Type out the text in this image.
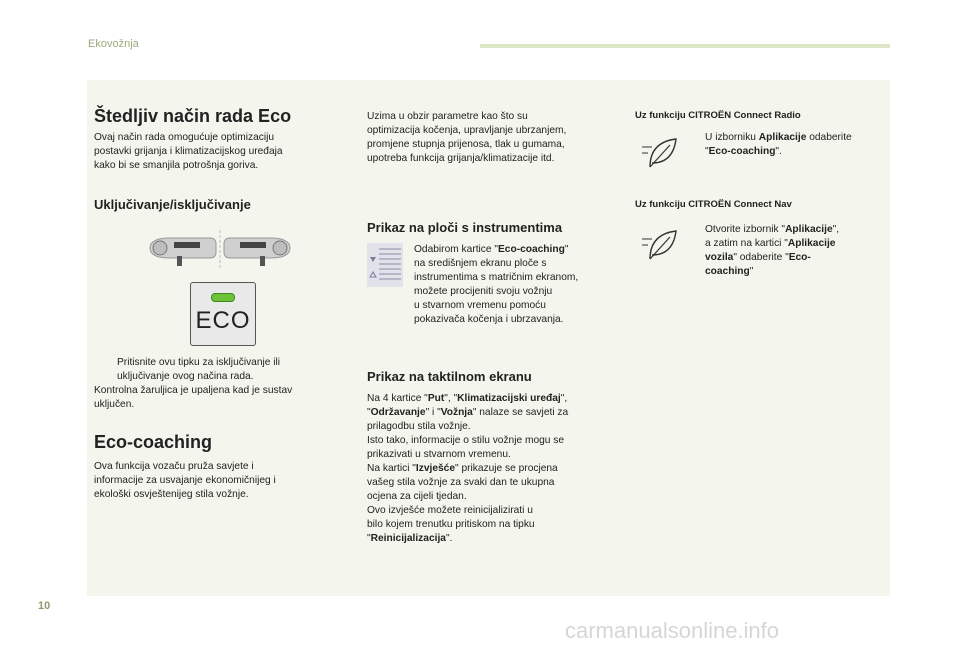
Ekovožnja
Štedljiv način rada Eco

Ovaj način rada omogućuje optimizaciju

postavki grijanja i klimatizacijskog uređaja

kako bi se smanjila potrošnja goriva.

Uključivanje/isključivanje
ECO

Pritisnite ovu tipku za isključivanje ili

uključivanje ovog načina rada.

Kontrolna žaruljica je upaljena kad je sustav

uključen.

Eco-coaching

Ova funkcija vozaču pruža savjete i

informacije za usvajanje ekonomičnijeg i

ekološki osvještenijeg stila vožnje.

Uzima u obzir parametre kao što su

optimizacija kočenja, upravljanje ubrzanjem,

promjene stupnja prijenosa, tlak u gumama,

upotreba funkcija grijanja/klimatizacije itd.

Prikaz na ploči s instrumentima

Odabirom kartice "Eco-coaching"

na središnjem ekranu ploče s

instrumentima s matričnim ekranom,

možete procijeniti svoju vožnju

u stvarnom vremenu pomoću

pokazivača kočenja i ubrzavanja.

Prikaz na taktilnom ekranu

Na 4 kartice "Put", "Klimatizacijski uređaj",

"Održavanje" i "Vožnja" nalaze se savjeti za

prilagodbu stila vožnje.

Isto tako, informacije o stilu vožnje mogu se

prikazivati u stvarnom vremenu.

Na kartici "Izvješće" prikazuje se procjena

vašeg stila vožnje za svaki dan te ukupna

ocjena za cijeli tjedan.

Ovo izvješće možete reinicijalizirati u

bilo kojem trenutku pritiskom na tipku

"Reinicijalizacija".

Uz funkciju CITROËN Connect Radio

U izborniku Aplikacije odaberite

"Eco-coaching".

Uz funkciju CITROËN Connect Nav

Otvorite izbornik "Aplikacije",

a zatim na kartici "Aplikacije

vozila" odaberite "Eco-

coaching"

10
carmanualsonline.info
